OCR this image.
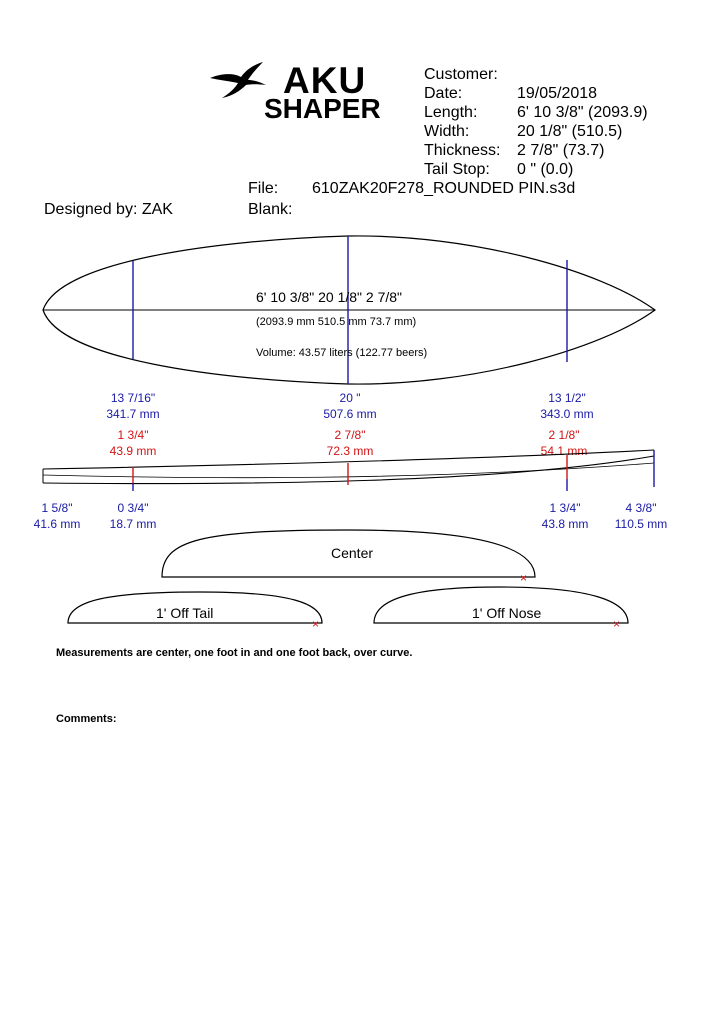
AKU
SHAPER
Customer:
Date:	19/05/2018
Length: 6' 10 3/8" (2093.9)
Width:	20 1/8" (510.5)
Thickness: 2 7/8" (73.7)
Tail Stop: 0 " (0.0)
File: 610ZAK20F278_ROUNDED PIN.s3d
Designed by: ZAK	Blank:
6' 10 3/8" 20 1/8" 2 7/8"
(2093.9 mm 510.5 mm 73.7 mm)
Volume: 43.57 liters (122.77 beers)
13 7/16"
341.7 mm
20 "
507.6 mm
13 1/2"
343.0 mm
1 3/4"
43.9 mm
2 7/8"
72.3 mm
2 1/8"
54.1 mm
1 5/8"
41.6 mm
0 3/4"
18.7 mm
1 3/4"
43.8 mm
4 3/8"
110.5 mm
×
×	×
Center
1' Off Tail	1' Off Nose
Measurements are center, one foot in and one foot back, over curve.
Comments:
